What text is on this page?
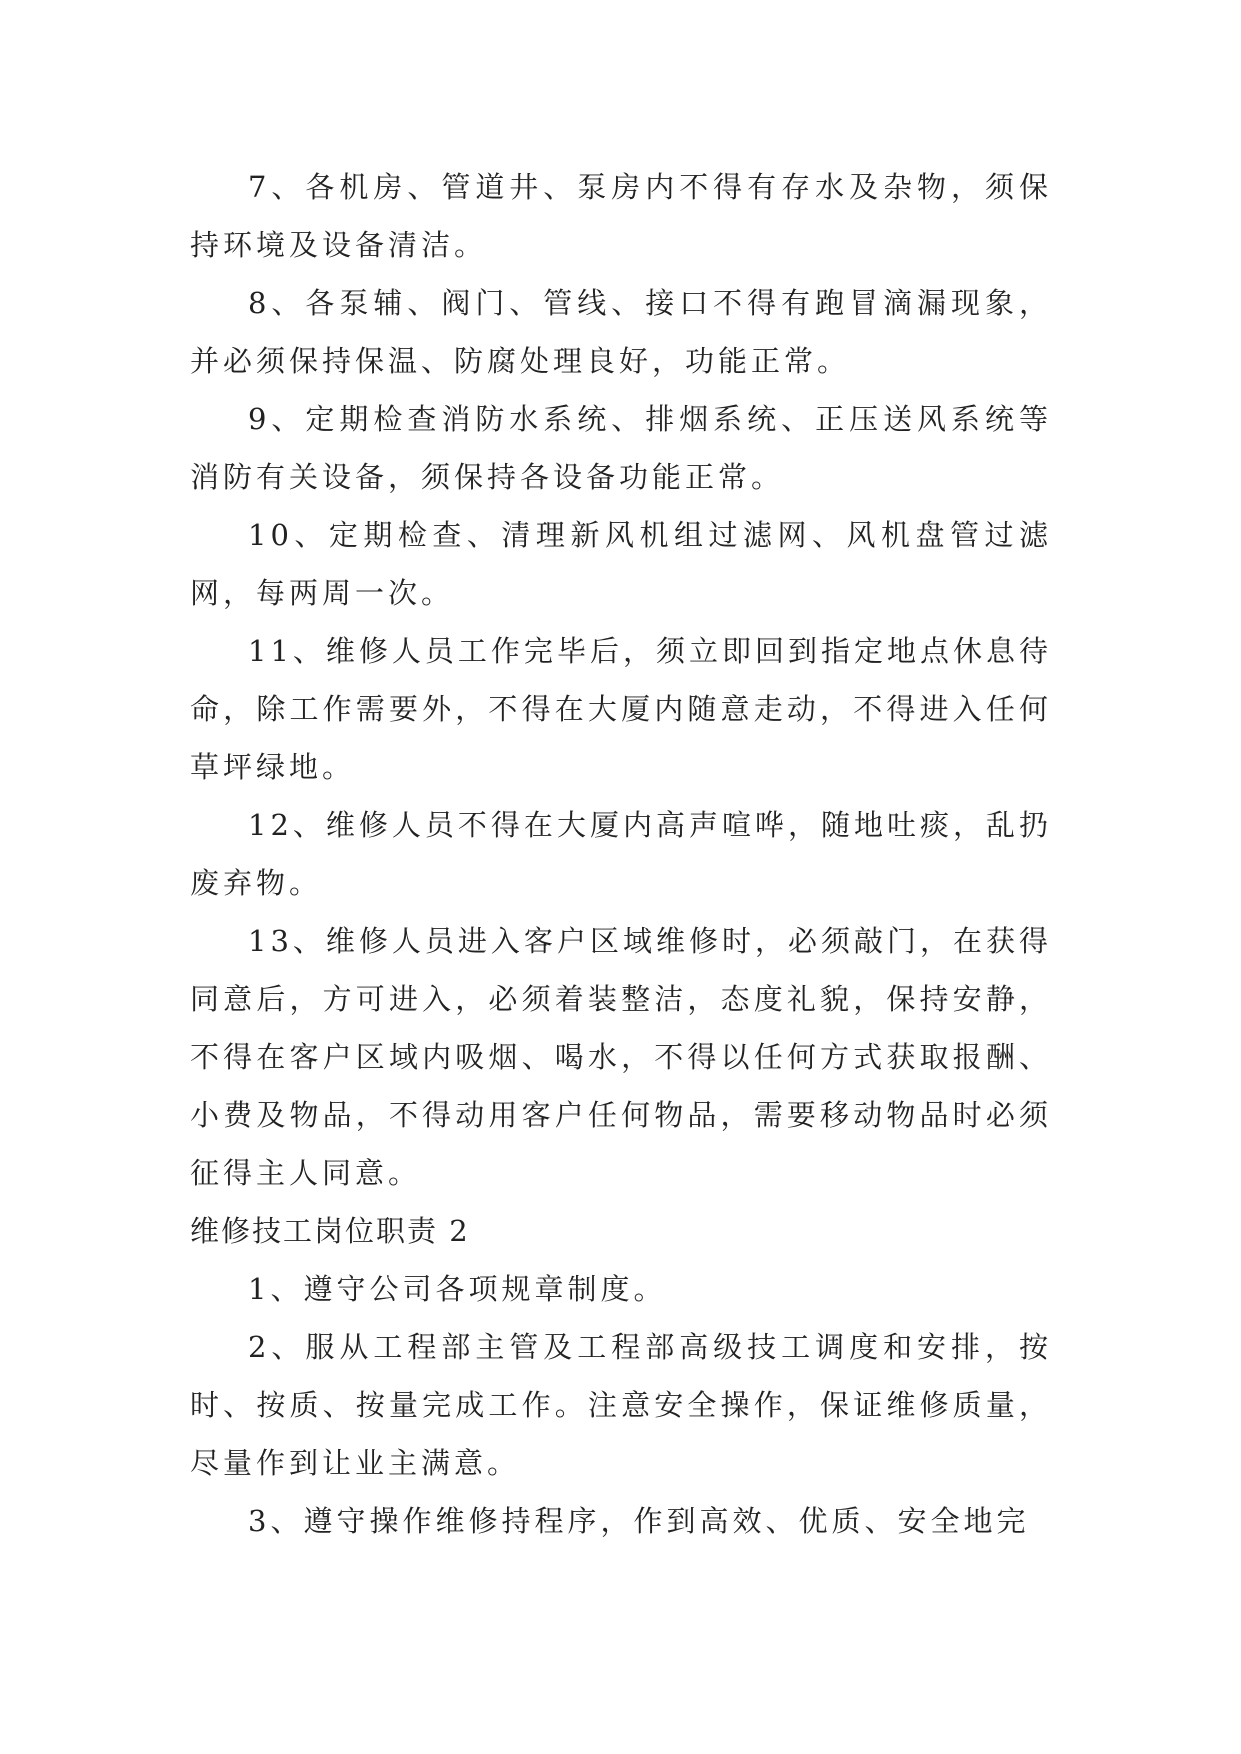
7、各机房、管道井、泵房内不得有存水及杂物，须保持环境及设备清洁。

8、各泵辅、阀门、管线、接口不得有跑冒滴漏现象，并必须保持保温、防腐处理良好，功能正常。

9、定期检查消防水系统、排烟系统、正压送风系统等消防有关设备，须保持各设备功能正常。

10、定期检查、清理新风机组过滤网、风机盘管过滤网，每两周一次。

11、维修人员工作完毕后，须立即回到指定地点休息待命，除工作需要外，不得在大厦内随意走动，不得进入任何草坪绿地。

12、维修人员不得在大厦内高声喧哗，随地吐痰，乱扔废弃物。

13、维修人员进入客户区域维修时，必须敲门，在获得同意后，方可进入，必须着装整洁，态度礼貌，保持安静，不得在客户区域内吸烟、喝水，不得以任何方式获取报酬、小费及物品，不得动用客户任何物品，需要移动物品时必须征得主人同意。

维修技工岗位职责 2

1、遵守公司各项规章制度。

2、服从工程部主管及工程部高级技工调度和安排，按时、按质、按量完成工作。注意安全操作，保证维修质量，尽量作到让业主满意。

3、遵守操作维修持程序，作到高效、优质、安全地完
